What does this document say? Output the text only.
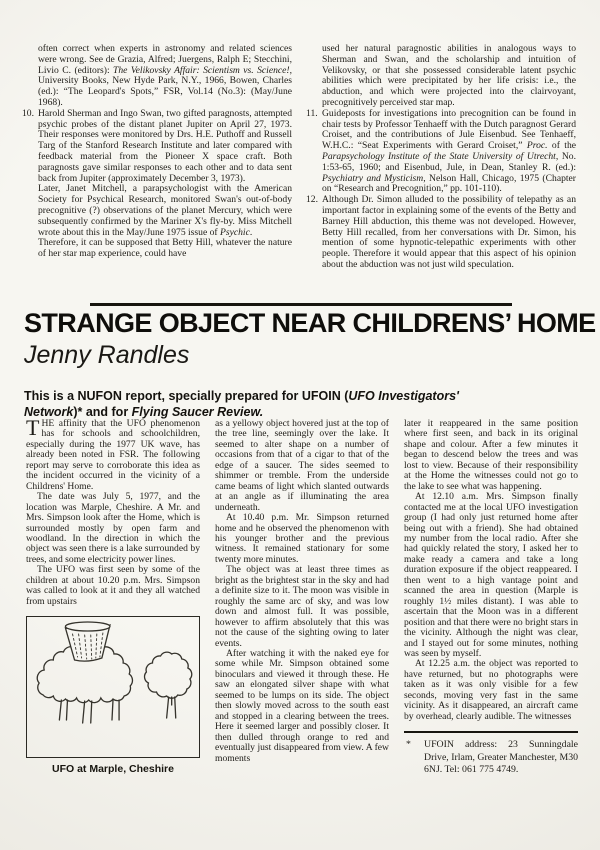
often correct when experts in astronomy and related sciences were wrong. See de Grazia, Alfred; Juergens, Ralph E; Stecchini, Livio C. (editors): The Velikovsky Affair: Scientism vs. Science!, University Books, New Hyde Park, N.Y., 1966, Bowen, Charles (ed.): “The Leopard's Spots,” FSR, Vol.14 (No.3): (May/June 1968).

10. Harold Sherman and Ingo Swan, two gifted paragnosts, attempted psychic probes of the distant planet Jupiter on April 27, 1973. Their responses were monitored by Drs. H.E. Puthoff and Russell Targ of the Stanford Research Institute and later compared with feedback material from the Pioneer X space craft. Both paragnosts gave similar responses to each other and to data sent back from Jupiter (approximately December 3, 1973).

Later, Janet Mitchell, a parapsychologist with the American Society for Psychical Research, monitored Swan's out-of-body precognitive (?) observations of the planet Mercury, which were subsequently confirmed by the Mariner X's fly-by. Miss Mitchell wrote about this in the May/June 1975 issue of Psychic.

Therefore, it can be supposed that Betty Hill, whatever the nature of her star map experience, could have

used her natural paragnostic abilities in analogous ways to Sherman and Swan, and the scholarship and intuition of Velikovsky, or that she possessed considerable latent psychic abilities which were precipitated by her life crisis: i.e., the abduction, and which were projected into the clairvoyant, precognitively perceived star map.

11. Guideposts for investigations into precognition can be found in chair tests by Professor Tenhaeff with the Dutch paragnost Gerard Croiset, and the contributions of Jule Eisenbud. See Tenhaeff, W.H.C.: “Seat Experiments with Gerard Croiset,” Proc. of the Parapsychology Institute of the State University of Utrecht, No. 1:53-65, 1960; and Eisenbud, Jule, in Dean, Stanley R. (ed.): Psychiatry and Mysticism, Nelson Hall, Chicago, 1975 (Chapter on “Research and Precognition,” pp. 101-110).

12. Although Dr. Simon alluded to the possibility of telepathy as an important factor in explaining some of the events of the Betty and Barney Hill abduction, this theme was not developed. However, Betty Hill recalled, from her conversations with Dr. Simon, his mention of some hypnotic-telepathic experiments with other people. Therefore it would appear that this aspect of his opinion about the abduction was not just wild speculation.

STRANGE OBJECT NEAR CHILDRENS’ HOME
Jenny Randles
This is a NUFON report, specially prepared for UFOIN (UFO Investigators' Network)* and for Flying Saucer Review.

THE affinity that the UFO phenomenon has for schools and schoolchildren, especially during the 1977 UK wave, has already been noted in FSR. The following report may serve to corroborate this idea as the incident occurred in the vicinity of a Childrens' Home.

The date was July 5, 1977, and the location was Marple, Cheshire. A Mr. and Mrs. Simpson look after the Home, which is surrounded mostly by open farm and woodland. In the direction in which the object was seen there is a lake surrounded by trees, and some electricity power lines.

The UFO was first seen by some of the children at about 10.20 p.m. Mrs. Simpson was called to look at it and they all watched from upstairs

UFO at Marple, Cheshire

as a yellowy object hovered just at the top of the tree line, seemingly over the lake. It seemed to alter shape on a number of occasions from that of a cigar to that of the edge of a saucer. The sides seemed to shimmer or tremble. From the underside came beams of light which slanted outwards at an angle as if illuminating the area underneath.

At 10.40 p.m. Mr. Simpson returned home and he observed the phenomenon with his younger brother and the previous witness. It remained stationary for some twenty more minutes.

The object was at least three times as bright as the brightest star in the sky and had a definite size to it. The moon was visible in roughly the same arc of sky, and was low down and almost full. It was possible, however to affirm absolutely that this was not the cause of the sighting owing to later events.

After watching it with the naked eye for some while Mr. Simpson obtained some binoculars and viewed it through these. He saw an elongated silver shape with what seemed to be lumps on its side. The object then slowly moved across to the south east and stopped in a clearing between the trees. Here it seemed larger and possibly closer. It then dulled through orange to red and eventually just disappeared from view. A few moments

later it reappeared in the same position where first seen, and back in its original shape and colour. After a few minutes it began to descend below the trees and was lost to view. Because of their responsibility at the Home the witnesses could not go to the lake to see what was happening.

At 12.10 a.m. Mrs. Simpson finally contacted me at the local UFO investigation group (I had only just returned home after being out with a friend). She had obtained my number from the local radio. After she had quickly related the story, I asked her to make ready a camera and take a long duration exposure if the object reappeared. I then went to a high vantage point and scanned the area in question (Marple is roughly 1½ miles distant). I was able to ascertain that the Moon was in a different position and that there were no bright stars in the vicinity. Although the night was clear, and I stayed out for some minutes, nothing was seen by myself.

At 12.25 a.m. the object was reported to have returned, but no photographs were taken as it was only visible for a few seconds, moving very fast in the same vicinity. As it disappeared, an aircraft came by overhead, clearly audible. The witnesses

*	UFOIN address: 23 Sunningdale Drive, Irlam, Greater Manchester, M30 6NJ. Tel: 061 775 4749.
